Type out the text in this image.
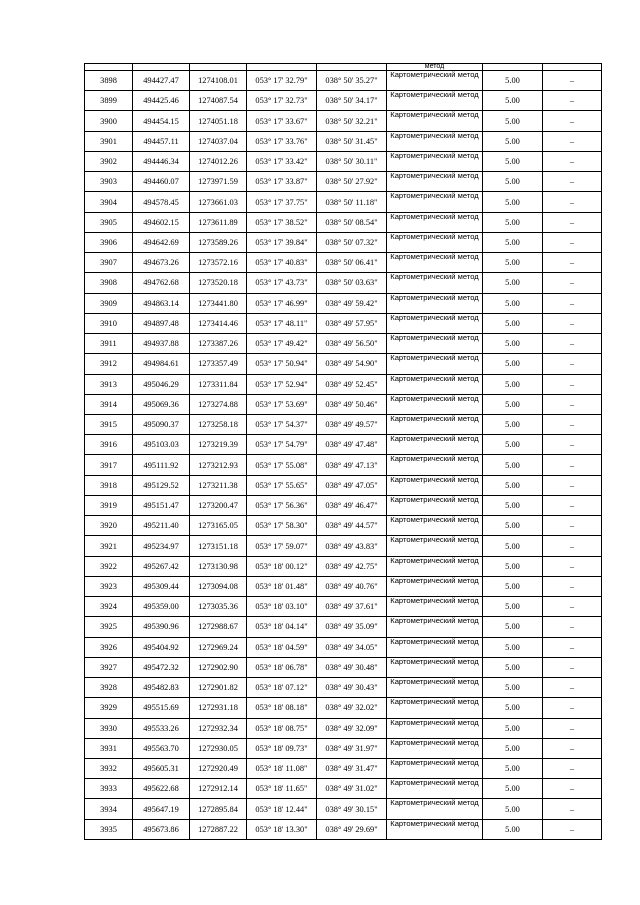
					метод		
3898	494427.47	1274108.01	053° 17' 32.79"	038° 50' 35.27"	Картометрический метод	5.00	–
3899	494425.46	1274087.54	053° 17' 32.73"	038° 50' 34.17"	Картометрический метод	5.00	–
3900	494454.15	1274051.18	053° 17' 33.67"	038° 50' 32.21"	Картометрический метод	5.00	–
3901	494457.11	1274037.04	053° 17' 33.76"	038° 50' 31.45"	Картометрический метод	5.00	–
3902	494446.34	1274012.26	053° 17' 33.42"	038° 50' 30.11"	Картометрический метод	5.00	–
3903	494460.07	1273971.59	053° 17' 33.87"	038° 50' 27.92"	Картометрический метод	5.00	–
3904	494578.45	1273661.03	053° 17' 37.75"	038° 50' 11.18"	Картометрический метод	5.00	–
3905	494602.15	1273611.89	053° 17' 38.52"	038° 50' 08.54"	Картометрический метод	5.00	–
3906	494642.69	1273589.26	053° 17' 39.84"	038° 50' 07.32"	Картометрический метод	5.00	–
3907	494673.26	1273572.16	053° 17' 40.83"	038° 50' 06.41"	Картометрический метод	5.00	–
3908	494762.68	1273520.18	053° 17' 43.73"	038° 50' 03.63"	Картометрический метод	5.00	–
3909	494863.14	1273441.80	053° 17' 46.99"	038° 49' 59.42"	Картометрический метод	5.00	–
3910	494897.48	1273414.46	053° 17' 48.11"	038° 49' 57.95"	Картометрический метод	5.00	–
3911	494937.88	1273387.26	053° 17' 49.42"	038° 49' 56.50"	Картометрический метод	5.00	–
3912	494984.61	1273357.49	053° 17' 50.94"	038° 49' 54.90"	Картометрический метод	5.00	–
3913	495046.29	1273311.84	053° 17' 52.94"	038° 49' 52.45"	Картометрический метод	5.00	–
3914	495069.36	1273274.88	053° 17' 53.69"	038° 49' 50.46"	Картометрический метод	5.00	–
3915	495090.37	1273258.18	053° 17' 54.37"	038° 49' 49.57"	Картометрический метод	5.00	–
3916	495103.03	1273219.39	053° 17' 54.79"	038° 49' 47.48"	Картометрический метод	5.00	–
3917	495111.92	1273212.93	053° 17' 55.08"	038° 49' 47.13"	Картометрический метод	5.00	–
3918	495129.52	1273211.38	053° 17' 55.65"	038° 49' 47.05"	Картометрический метод	5.00	–
3919	495151.47	1273200.47	053° 17' 56.36"	038° 49' 46.47"	Картометрический метод	5.00	–
3920	495211.40	1273165.05	053° 17' 58.30"	038° 49' 44.57"	Картометрический метод	5.00	–
3921	495234.97	1273151.18	053° 17' 59.07"	038° 49' 43.83"	Картометрический метод	5.00	–
3922	495267.42	1273130.98	053° 18' 00.12"	038° 49' 42.75"	Картометрический метод	5.00	–
3923	495309.44	1273094.08	053° 18' 01.48"	038° 49' 40.76"	Картометрический метод	5.00	–
3924	495359.00	1273035.36	053° 18' 03.10"	038° 49' 37.61"	Картометрический метод	5.00	–
3925	495390.96	1272988.67	053° 18' 04.14"	038° 49' 35.09"	Картометрический метод	5.00	–
3926	495404.92	1272969.24	053° 18' 04.59"	038° 49' 34.05"	Картометрический метод	5.00	–
3927	495472.32	1272902.90	053° 18' 06.78"	038° 49' 30.48"	Картометрический метод	5.00	–
3928	495482.83	1272901.82	053° 18' 07.12"	038° 49' 30.43"	Картометрический метод	5.00	–
3929	495515.69	1272931.18	053° 18' 08.18"	038° 49' 32.02"	Картометрический метод	5.00	–
3930	495533.26	1272932.34	053° 18' 08.75"	038° 49' 32.09"	Картометрический метод	5.00	–
3931	495563.70	1272930.05	053° 18' 09.73"	038° 49' 31.97"	Картометрический метод	5.00	–
3932	495605.31	1272920.49	053° 18' 11.08"	038° 49' 31.47"	Картометрический метод	5.00	–
3933	495622.68	1272912.14	053° 18' 11.65"	038° 49' 31.02"	Картометрический метод	5.00	–
3934	495647.19	1272895.84	053° 18' 12.44"	038° 49' 30.15"	Картометрический метод	5.00	–
3935	495673.86	1272887.22	053° 18' 13.30"	038° 49' 29.69"	Картометрический метод	5.00	–
